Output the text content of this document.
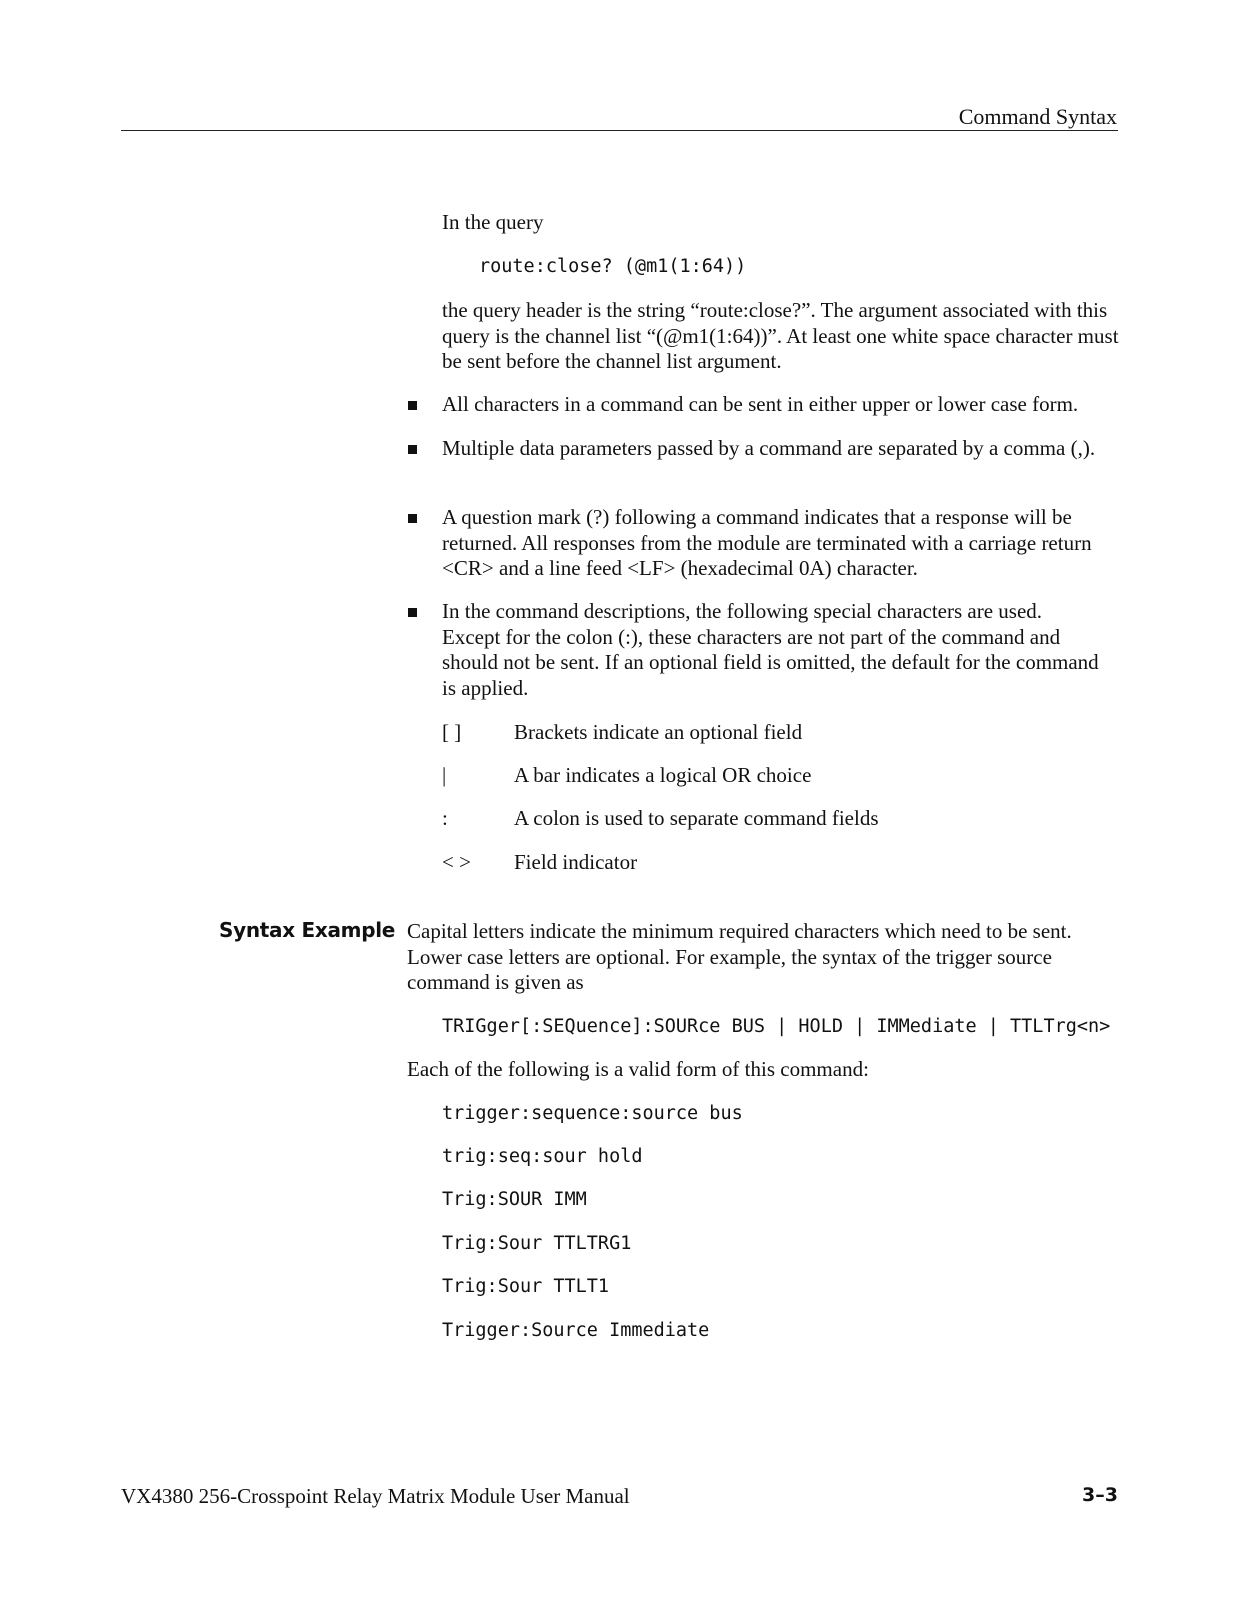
Command Syntax
In the query
route:close? (@m1(1:64))
the query header is the string “route:close?”. The argument associated with this query is the channel list “(@m1(1:64))”. At least one white space character must be sent before the channel list argument.
All characters in a command can be sent in either upper or lower case form.
Multiple data parameters passed by a command are separated by a comma (,).
A question mark (?) following a command indicates that a response will be returned. All responses from the module are terminated with a carriage return <CR> and a line feed <LF> (hexadecimal 0A) character.
In the command descriptions, the following special characters are used. Except for the colon (:), these characters are not part of the command and should not be sent. If an optional field is omitted, the default for the command is applied.
[ ]	Brackets indicate an optional field
|	A bar indicates a logical OR choice
:	A colon is used to separate command fields
< > Field indicator
Syntax Example Capital letters indicate the minimum required characters which need to be sent. Lower case letters are optional. For example, the syntax of the trigger source command is given as
TRIGger[:SEQuence]:SOURce BUS | HOLD | IMMediate | TTLTrg<n>
Each of the following is a valid form of this command:
trigger:sequence:source bus
trig:seq:sour hold
Trig:SOUR IMM
Trig:Sour TTLTRG1
Trig:Sour TTLT1
Trigger:Source Immediate
VX4380 256-Crosspoint Relay Matrix Module User Manual	3–3
